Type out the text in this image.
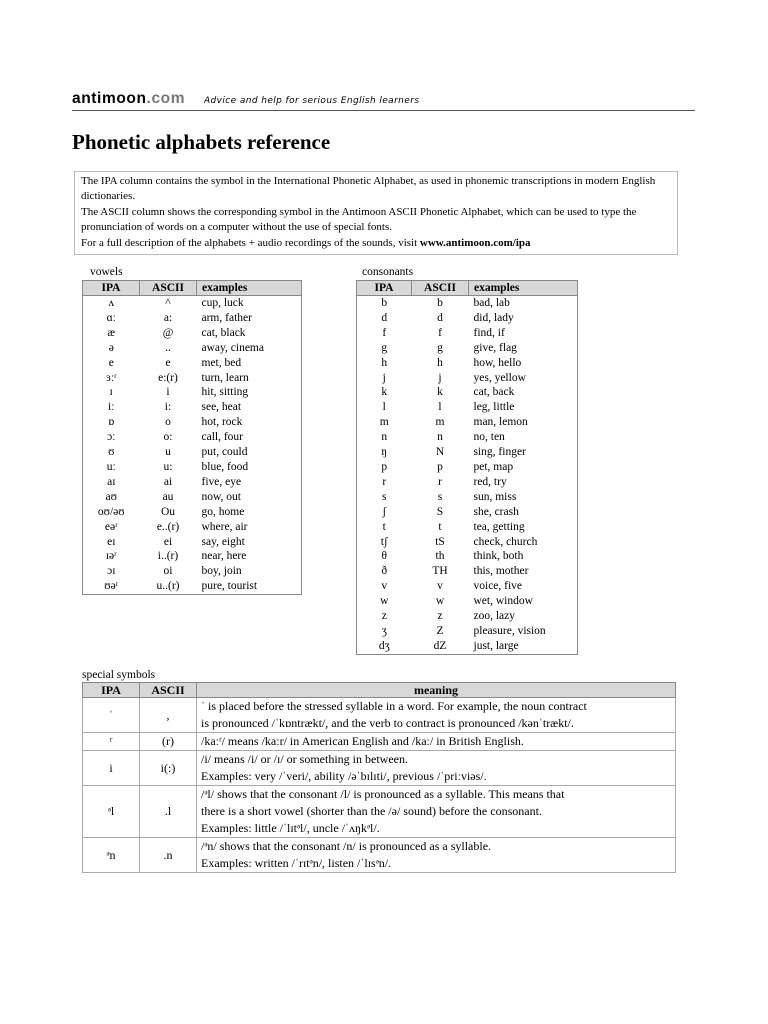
antimoon.com Advice and help for serious English learners
Phonetic alphabets reference

The IPA column contains the symbol in the International Phonetic Alphabet, as used in phonemic transcriptions in modern English dictionaries.

The ASCII column shows the corresponding symbol in the Antimoon ASCII Phonetic Alphabet, which can be used to type the pronunciation of words on a computer without the use of special fonts.

For a full description of the alphabets + audio recordings of the sounds, visit www.antimoon.com/ipa

vowels
IPA	ASCII	examples
ʌ	^	cup, luck
ɑː	a:	arm, father
æ	@	cat, black
ə	..	away, cinema
e	e	met, bed
ɜːʳ	e:(r)	turn, learn
ɪ	i	hit, sitting
iː	i:	see, heat
ɒ	o	hot, rock
ɔː	o:	call, four
ʊ	u	put, could
uː	u:	blue, food
aɪ	ai	five, eye
aʊ	au	now, out
oʊ/əʊ	Ou	go, home
eəʳ	e..(r)	where, air
eɪ	ei	say, eight
ɪəʳ	i..(r)	near, here
ɔɪ	oi	boy, join
ʊəʳ	u..(r)	pure, tourist
consonants
IPA	ASCII	examples
b	b	bad, lab
d	d	did, lady
f	f	find, if
g	g	give, flag
h	h	how, hello
j	j	yes, yellow
k	k	cat, back
l	l	leg, little
m	m	man, lemon
n	n	no, ten
ŋ	N	sing, finger
p	p	pet, map
r	r	red, try
s	s	sun, miss
ʃ	S	she, crash
t	t	tea, getting
tʃ	tS	check, church
θ	th	think, both
ð	TH	this, mother
v	v	voice, five
w	w	wet, window
z	z	zoo, lazy
ʒ	Z	pleasure, vision
dʒ	dZ	just, large
special symbols
IPA	ASCII	meaning
ˈ	,	ˈ is placed before the stressed syllable in a word. For example, the noun contract
is pronounced /ˈkɒntrækt/, and the verb to contract is pronounced /kənˈtrækt/.

ʳ	(r)	/kaːʳ/ means /kaːr/ in American English and /kaː/ in British English.

i	i(:)	/i/ means /i/ or /ɪ/ or something in between.
Examples: very /ˈveri/, ability /əˈbɪlɪti/, previous /ˈpriːviəs/.

ᵊl	.l	/ᵊl/ shows that the consonant /l/ is pronounced as a syllable. This means that
there is a short vowel (shorter than the /ə/ sound) before the consonant.
Examples: little /ˈlɪtᵊl/, uncle /ˈʌŋkᵊl/.

ᵊn	.n	/ᵊn/ shows that the consonant /n/ is pronounced as a syllable.
Examples: written /ˈrɪtᵊn/, listen /ˈlɪsᵊn/.
